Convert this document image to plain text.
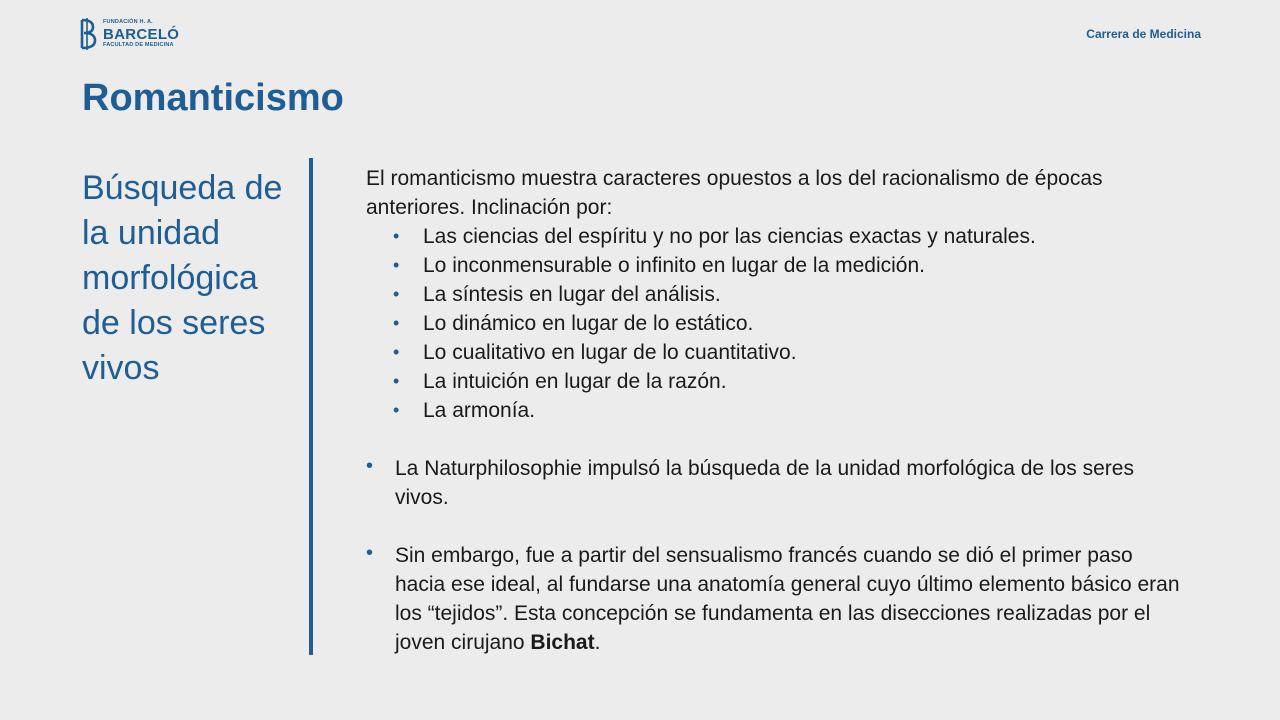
FUNDACIÓN H. A.
BARCELÓ
FACULTAD DE MEDICINA
Carrera de Medicina
Romanticismo
Búsqueda de la unidad morfológica de los seres vivos

El romanticismo muestra caracteres opuestos a los del racionalismo de épocas anteriores. Inclinación por:

• Las ciencias del espíritu y no por las ciencias exactas y naturales.
• Lo inconmensurable o infinito en lugar de la medición.
• La síntesis en lugar del análisis.
• Lo dinámico en lugar de lo estático.
• Lo cualitativo en lugar de lo cuantitativo.
• La intuición en lugar de la razón.
• La armonía.
• La Naturphilosophie impulsó la búsqueda de la unidad morfológica de los seres vivos.
• Sin embargo, fue a partir del sensualismo francés cuando se dió el primer paso hacia ese ideal, al fundarse una anatomía general cuyo último elemento básico eran los “tejidos”. Esta concepción se fundamenta en las disecciones realizadas por el joven cirujano Bichat.
